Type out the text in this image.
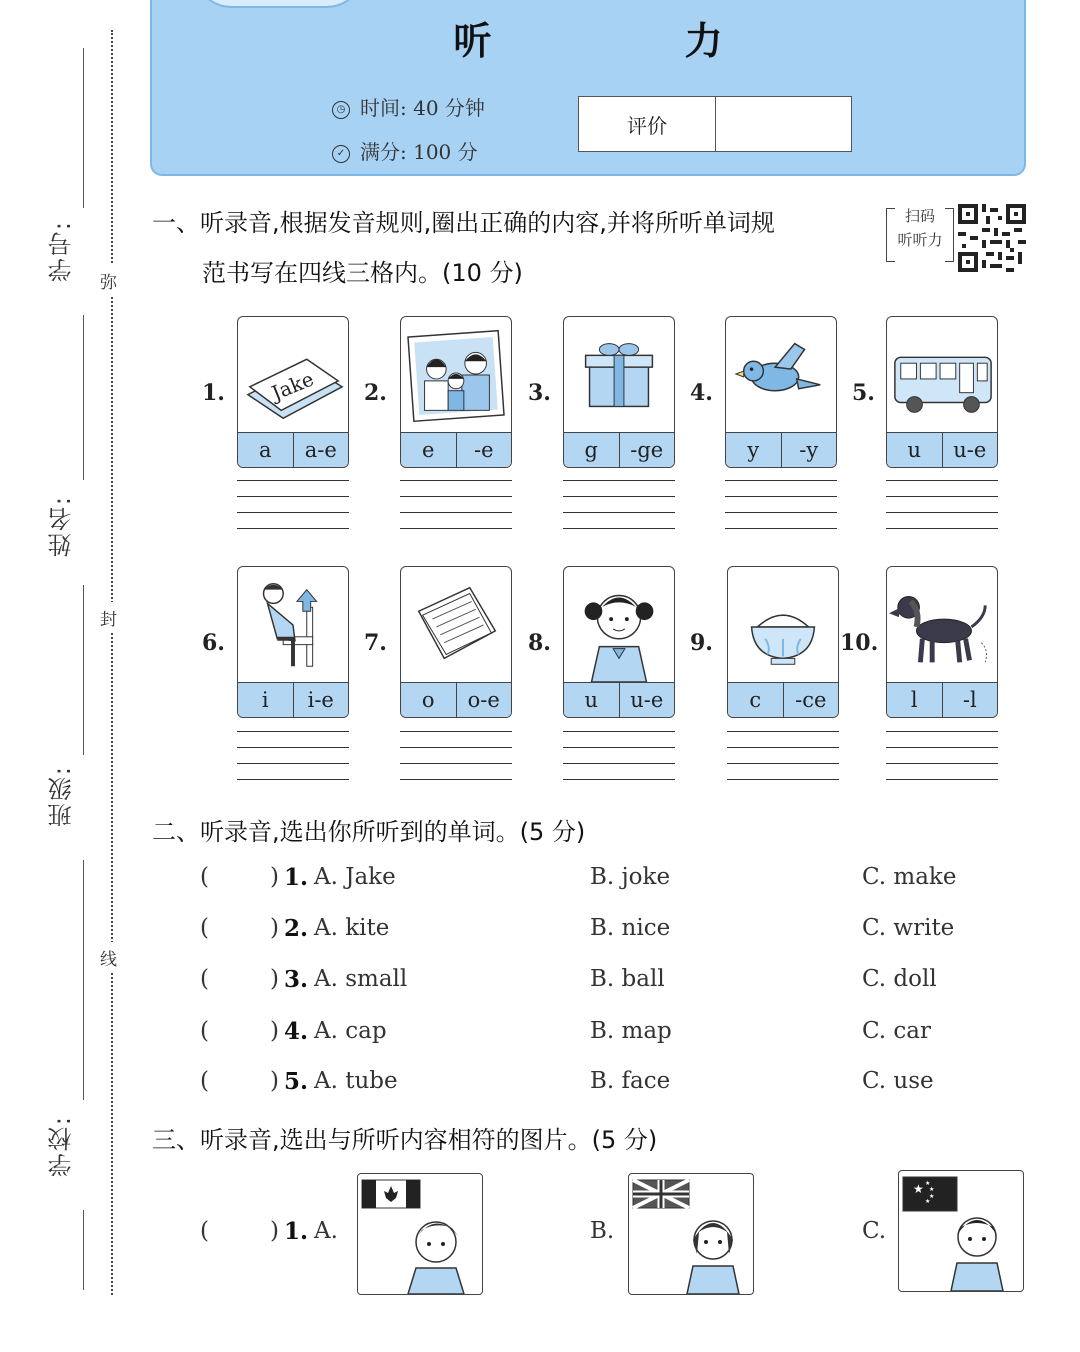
学号:
姓名:
班级:
学校:
弥
封
线
听 力
◷ 时间: 40 分钟
✓ 满分: 100 分
评价
一、听录音,根据发音规则,圈出正确的内容,并将所听单词规
范书写在四线三格内。(10 分)
扫码
听听力
1. Jake
a	a-e
2.
e	-e
3.
g	-ge
4.
y	-y
5.
u	u-e
6.
i	i-e
7.
o	o-e
8.
u	u-e
9.
c	-ce
10.
l	-l
二、听录音,选出你所听到的单词。(5 分)
(	) 1. A. Jake	B. joke	C. make
(	) 2. A. kite	B. nice	C. write
(	) 3. A. small	B. ball	C. doll
(	) 4. A. cap	B. map	C. car
(	) 5. A. tube	B. face	C. use
三、听录音,选出与所听内容相符的图片。(5 分)
(	) 1. A.	B.	C.
★ ★
★
★
★
